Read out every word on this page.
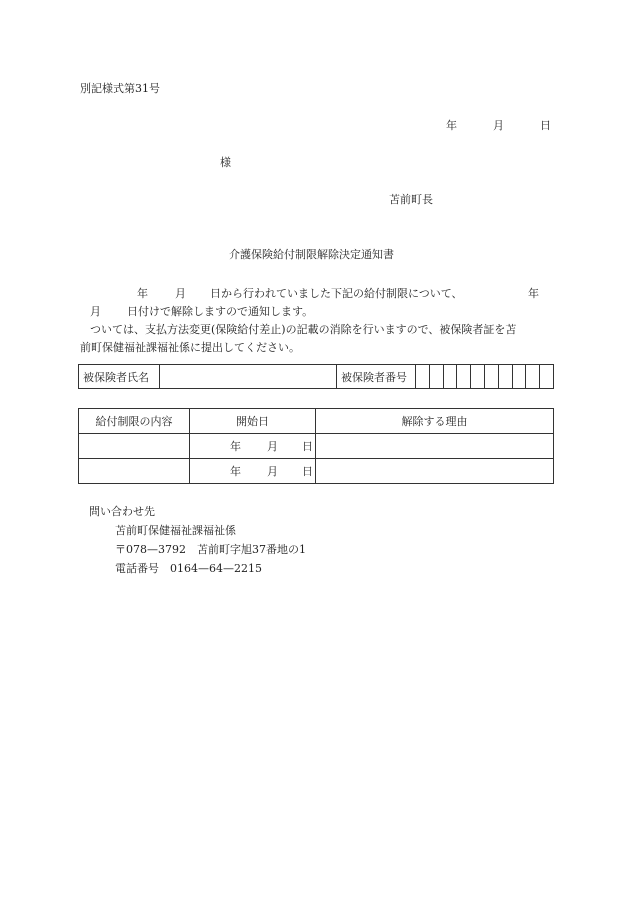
別記様式第31号
年	月	日
様
苫前町長
介護保険給付制限解除決定通知書
年 月 日から行われていました下記の給付制限について、	年
月 日付けで解除しますので通知します。
ついては、支払方法変更(保険給付差止)の記載の消除を行いますので、被保険者証を苫
前町保健福祉課福祉係に提出してください。
被保険者氏名		被保険者番号										
給付制限の内容	開始日	解除する理由
	年 月 日	
	年 月 日	
問い合わせ先
苫前町保健福祉課福祉係
〒078—3792　苫前町字旭37番地の1
電話番号　0164—64—2215
